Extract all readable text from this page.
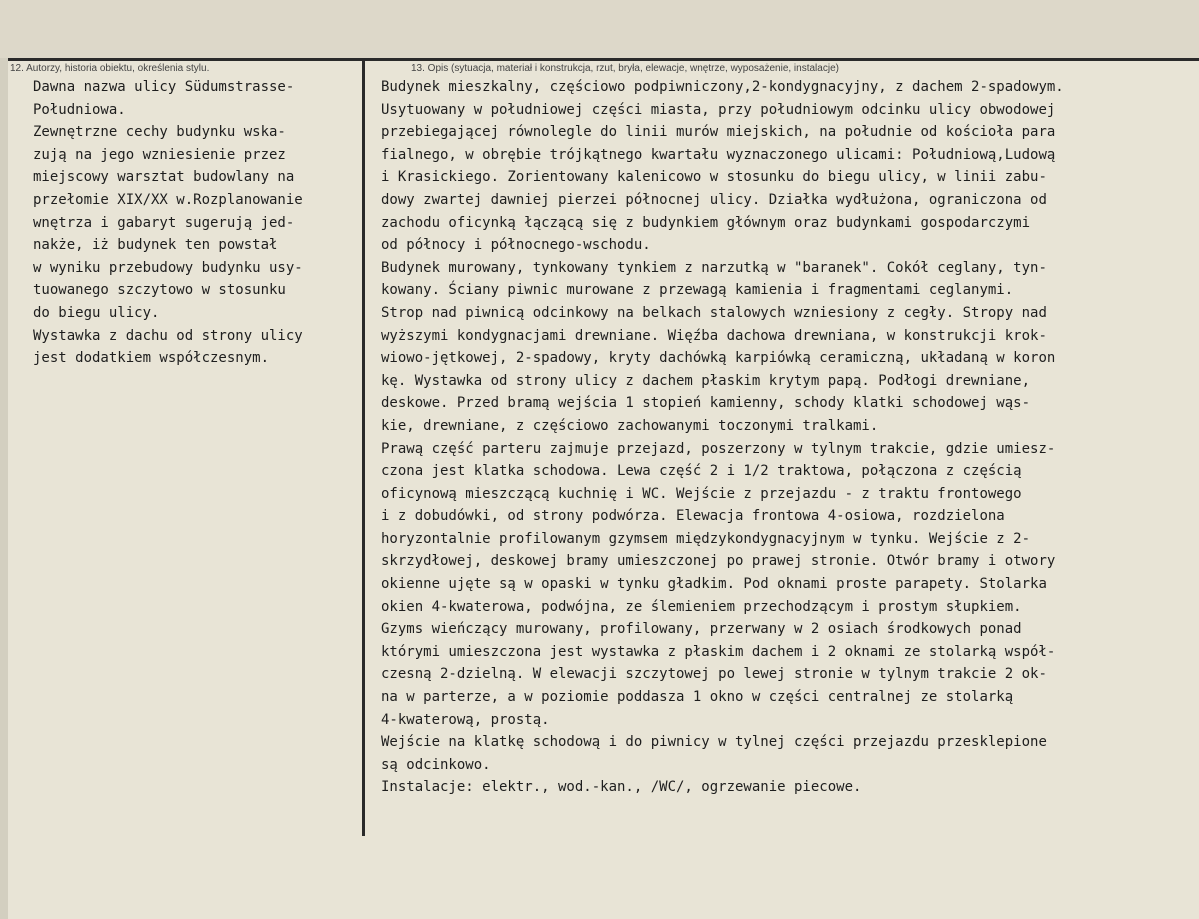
12. Autorzy, historia obiektu, określenia stylu.	13. Opis (sytuacja, materiał i konstrukcja, rzut, bryła, elewacje, wnętrze, wyposażenie, instalacje)
Dawna nazwa ulicy Südumstrasse-
Południowa.
Zewnętrzne cechy budynku wska-
zują na jego wzniesienie przez
miejscowy warsztat budowlany na
przełomie XIX/XX w.Rozplanowanie
wnętrza i gabaryt sugerują jed-
nakże, iż budynek ten powstał
w wyniku przebudowy budynku usy-
tuowanego szczytowo w stosunku
do biegu ulicy.
Wystawka z dachu od strony ulicy
jest dodatkiem współczesnym.
Budynek mieszkalny, częściowo podpiwniczony,2-kondygnacyjny, z dachem 2-spadowym.
Usytuowany w południowej części miasta, przy południowym odcinku ulicy obwodowej
przebiegającej równolegle do linii murów miejskich, na południe od kościoła para
fialnego, w obrębie trójkątnego kwartału wyznaczonego ulicami: Południową,Ludową
i Krasickiego. Zorientowany kalenicowo w stosunku do biegu ulicy, w linii zabu-
dowy zwartej dawniej pierzei północnej ulicy. Działka wydłużona, ograniczona od
zachodu oficynką łączącą się z budynkiem głównym oraz budynkami gospodarczymi
od północy i północnego-wschodu.
Budynek murowany, tynkowany tynkiem z narzutką w "baranek". Cokół ceglany, tyn-
kowany. Ściany piwnic murowane z przewagą kamienia i fragmentami ceglanymi.
Strop nad piwnicą odcinkowy na belkach stalowych wzniesiony z cegły. Stropy nad
wyższymi kondygnacjami drewniane. Więźba dachowa drewniana, w konstrukcji krok-
wiowo-jętkowej, 2-spadowy, kryty dachówką karpiówką ceramiczną, układaną w koron
kę. Wystawka od strony ulicy z dachem płaskim krytym papą. Podłogi drewniane,
deskowe. Przed bramą wejścia 1 stopień kamienny, schody klatki schodowej wąs-
kie, drewniane, z częściowo zachowanymi toczonymi tralkami.
Prawą część parteru zajmuje przejazd, poszerzony w tylnym trakcie, gdzie umiesz-
czona jest klatka schodowa. Lewa część 2 i 1/2 traktowa, połączona z częścią
oficynową mieszczącą kuchnię i WC. Wejście z przejazdu - z traktu frontowego
i z dobudówki, od strony podwórza. Elewacja frontowa 4-osiowa, rozdzielona
horyzontalnie profilowanym gzymsem międzykondygnacyjnym w tynku. Wejście z 2-
skrzydłowej, deskowej bramy umieszczonej po prawej stronie. Otwór bramy i otwory
okienne ujęte są w opaski w tynku gładkim. Pod oknami proste parapety. Stolarka
okien 4-kwaterowa, podwójna, ze ślemieniem przechodzącym i prostym słupkiem.
Gzyms wieńczący murowany, profilowany, przerwany w 2 osiach środkowych ponad
którymi umieszczona jest wystawka z płaskim dachem i 2 oknami ze stolarką współ-
czesną 2-dzielną. W elewacji szczytowej po lewej stronie w tylnym trakcie 2 ok-
na w parterze, a w poziomie poddasza 1 okno w części centralnej ze stolarką
4-kwaterową, prostą.
Wejście na klatkę schodową i do piwnicy w tylnej części przejazdu przesklepione
są odcinkowo.
Instalacje: elektr., wod.-kan., /WC/, ogrzewanie piecowe.
